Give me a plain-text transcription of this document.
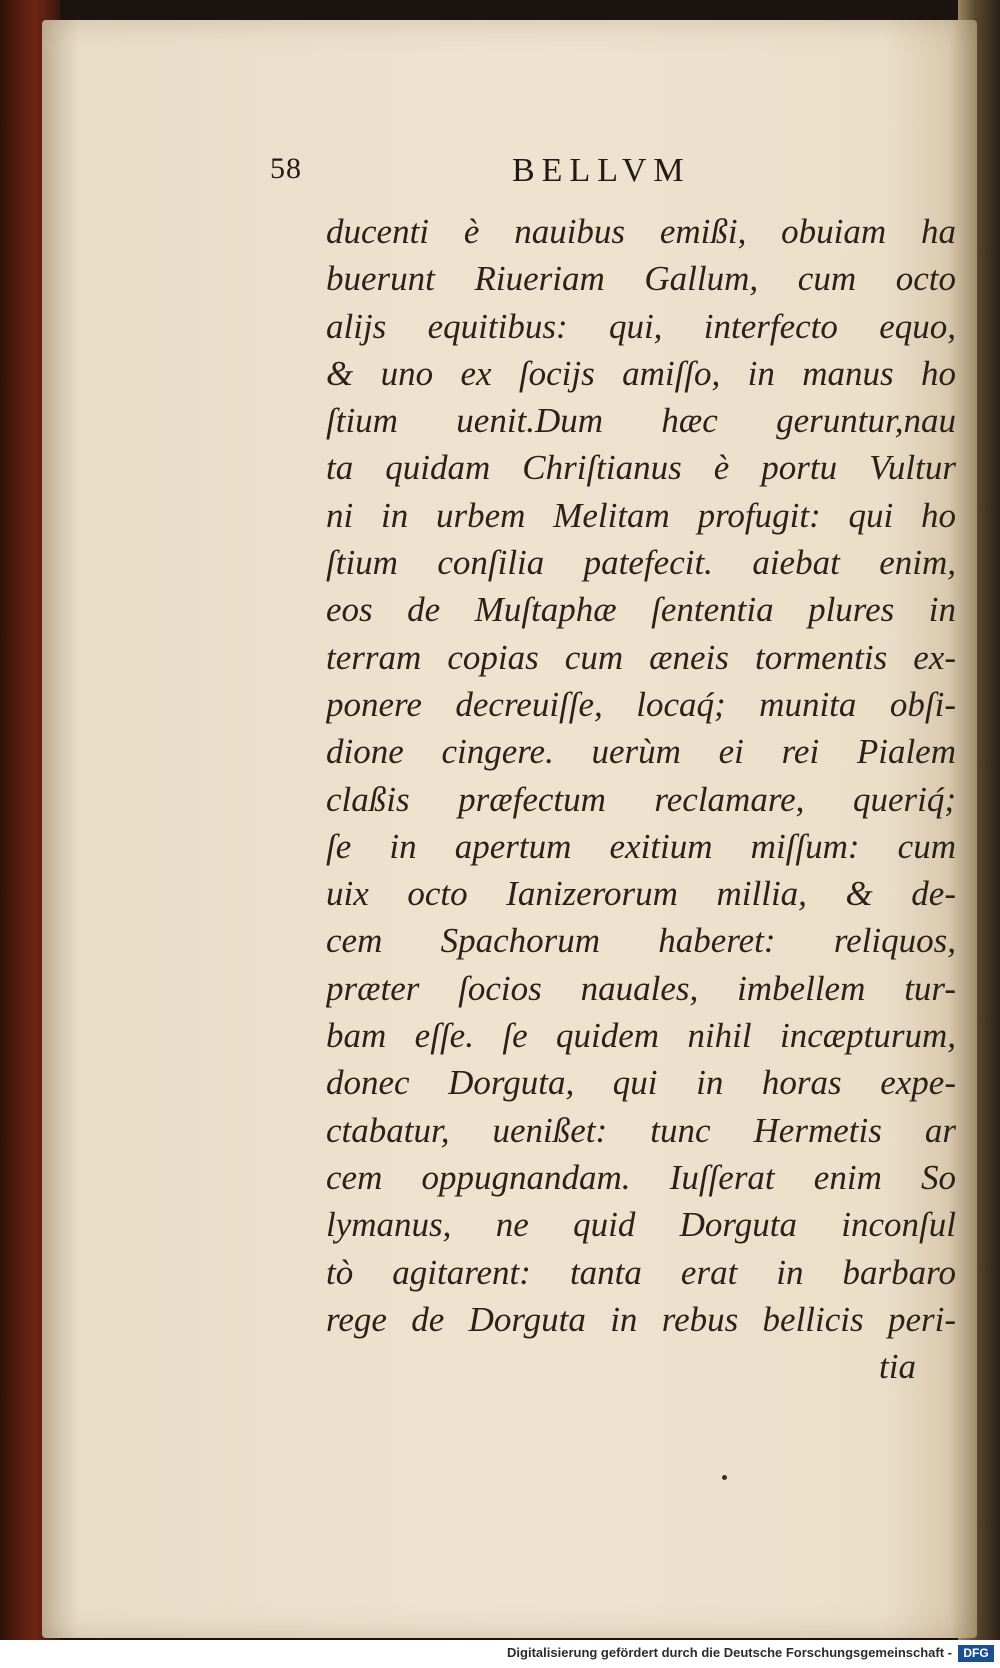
58	BELLVM
ducenti è nauibus emißi, obuiam ha
buerunt Riueriam Gallum, cum octo
alijs equitibus: qui, interfecto equo,
& uno ex ſocijs amiſſo, in manus ho
ſtium uenit.Dum hæc geruntur,nau
ta quidam Chriſtianus è portu Vultur
ni in urbem Melitam profugit: qui ho
ſtium conſilia patefecit. aiebat enim,
eos de Muſtaphæ ſententia plures in
terram copias cum æneis tormentis ex-
ponere decreuiſſe, locaq́; munita obſi-
dione cingere. uerùm ei rei Pialem
claßis præfectum reclamare, queriq́;
ſe in apertum exitium miſſum: cum
uix octo Ianizerorum millia, & de-
cem Spachorum haberet: reliquos,
præter ſocios nauales, imbellem tur-
bam eſſe. ſe quidem nihil incæpturum,
donec Dorguta, qui in horas expe-
ctabatur, uenißet: tunc Hermetis ar
cem oppugnandam. Iuſſerat enim So
lymanus, ne quid Dorguta inconſul
tò agitarent: tanta erat in barbaro
rege de Dorguta in rebus bellicis peri-
tia
Digitalisierung gefördert durch die Deutsche Forschungsgemeinschaft - DFG
